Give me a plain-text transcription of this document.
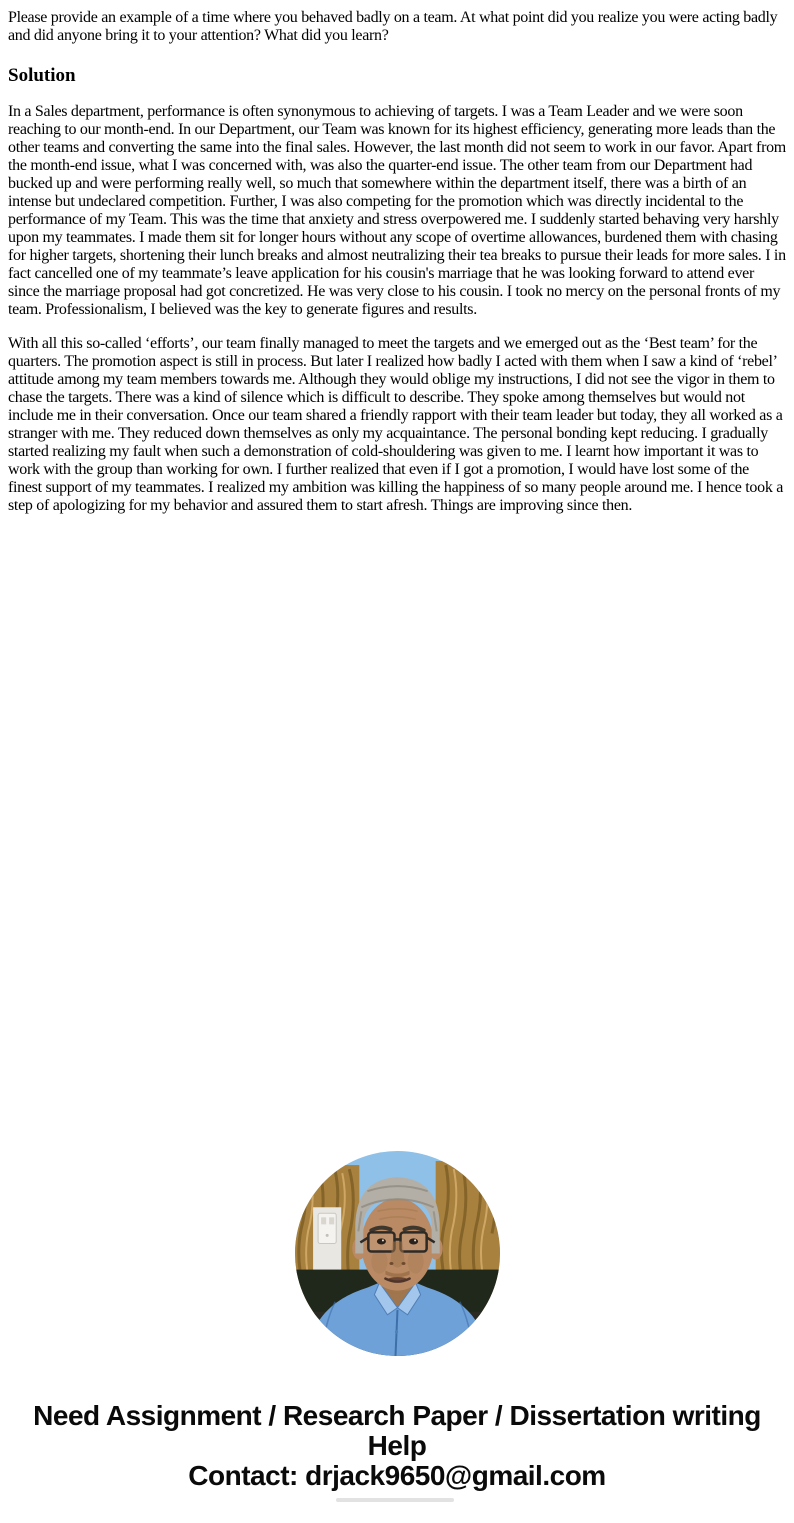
Please provide an example of a time where you behaved badly on a team. At what point did you realize you were acting badly and did anyone bring it to your attention? What did you learn?

Solution

In a Sales department, performance is often synonymous to achieving of targets. I was a Team Leader and we were soon reaching to our month-end. In our Department, our Team was known for its highest efficiency, generating more leads than the other teams and converting the same into the final sales. However, the last month did not seem to work in our favor. Apart from the month-end issue, what I was concerned with, was also the quarter-end issue. The other team from our Department had bucked up and were performing really well, so much that somewhere within the department itself, there was a birth of an intense but undeclared competition. Further, I was also competing for the promotion which was directly incidental to the performance of my Team. This was the time that anxiety and stress overpowered me. I suddenly started behaving very harshly upon my teammates. I made them sit for longer hours without any scope of overtime allowances, burdened them with chasing for higher targets, shortening their lunch breaks and almost neutralizing their tea breaks to pursue their leads for more sales. I in fact cancelled one of my teammate’s leave application for his cousin's marriage that he was looking forward to attend ever since the marriage proposal had got concretized. He was very close to his cousin. I took no mercy on the personal fronts of my team. Professionalism, I believed was the key to generate figures and results.

With all this so-called ‘efforts’, our team finally managed to meet the targets and we emerged out as the ‘Best team’ for the quarters. The promotion aspect is still in process. But later I realized how badly I acted with them when I saw a kind of ‘rebel’ attitude among my team members towards me. Although they would oblige my instructions, I did not see the vigor in them to chase the targets. There was a kind of silence which is difficult to describe. They spoke among themselves but would not include me in their conversation. Once our team shared a friendly rapport with their team leader but today, they all worked as a stranger with me. They reduced down themselves as only my acquaintance. The personal bonding kept reducing. I gradually started realizing my fault when such a demonstration of cold-shouldering was given to me. I learnt how important it was to work with the group than working for own. I further realized that even if I got a promotion, I would have lost some of the finest support of my teammates. I realized my ambition was killing the happiness of so many people around me. I hence took a step of apologizing for my behavior and assured them to start afresh. Things are improving since then.

Need Assignment / Research Paper / Dissertation writing Help
Contact: drjack9650@gmail.com
